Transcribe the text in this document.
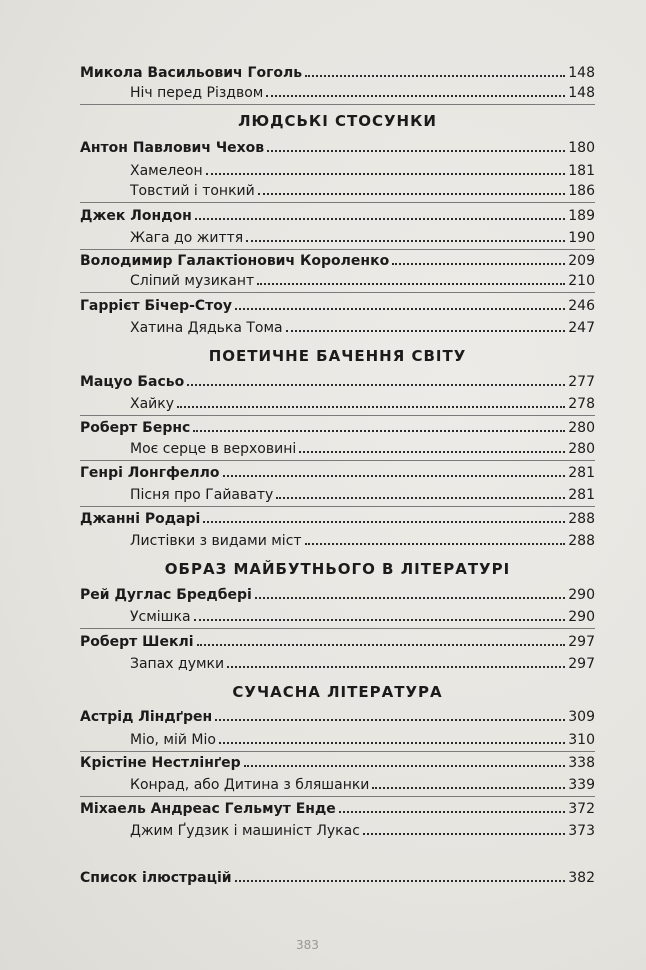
Микола Васильович Гоголь	148
Ніч перед Різдвом	148
ЛЮДСЬКІ СТОСУНКИ
Антон Павлович Чехов	180
Хамелеон	181
Товстий і тонкий	186
Джек Лондон	189
Жага до життя	190
Володимир Галактіонович Короленко	209
Сліпий музикант	210
Гаррієт Бічер-Стоу	246
Хатина Дядька Тома	247
ПОЕТИЧНЕ БАЧЕННЯ СВІТУ
Мацуо Басьо	277
Хайку	278
Роберт Бернс	280
Моє серце в верховині	280
Генрі Лонгфелло	281
Пісня про Гайавату	281
Джанні Родарі	288
Листівки з видами міст	288
ОБРАЗ МАЙБУТНЬОГО В ЛІТЕРАТУРІ
Рей Дуглас Бредбері	290
Усмішка	290
Роберт Шеклі	297
Запах думки	297
СУЧАСНА ЛІТЕРАТУРА
Астрід Ліндґрен	309
Міо, мій Міо	310
Крістіне Нестлінґер	338
Конрад, або Дитина з бляшанки	339
Міхаель Андреас Гельмут Енде	372
Джим Ґудзик і машиніст Лукас	373
Список ілюстрацій	382
383
